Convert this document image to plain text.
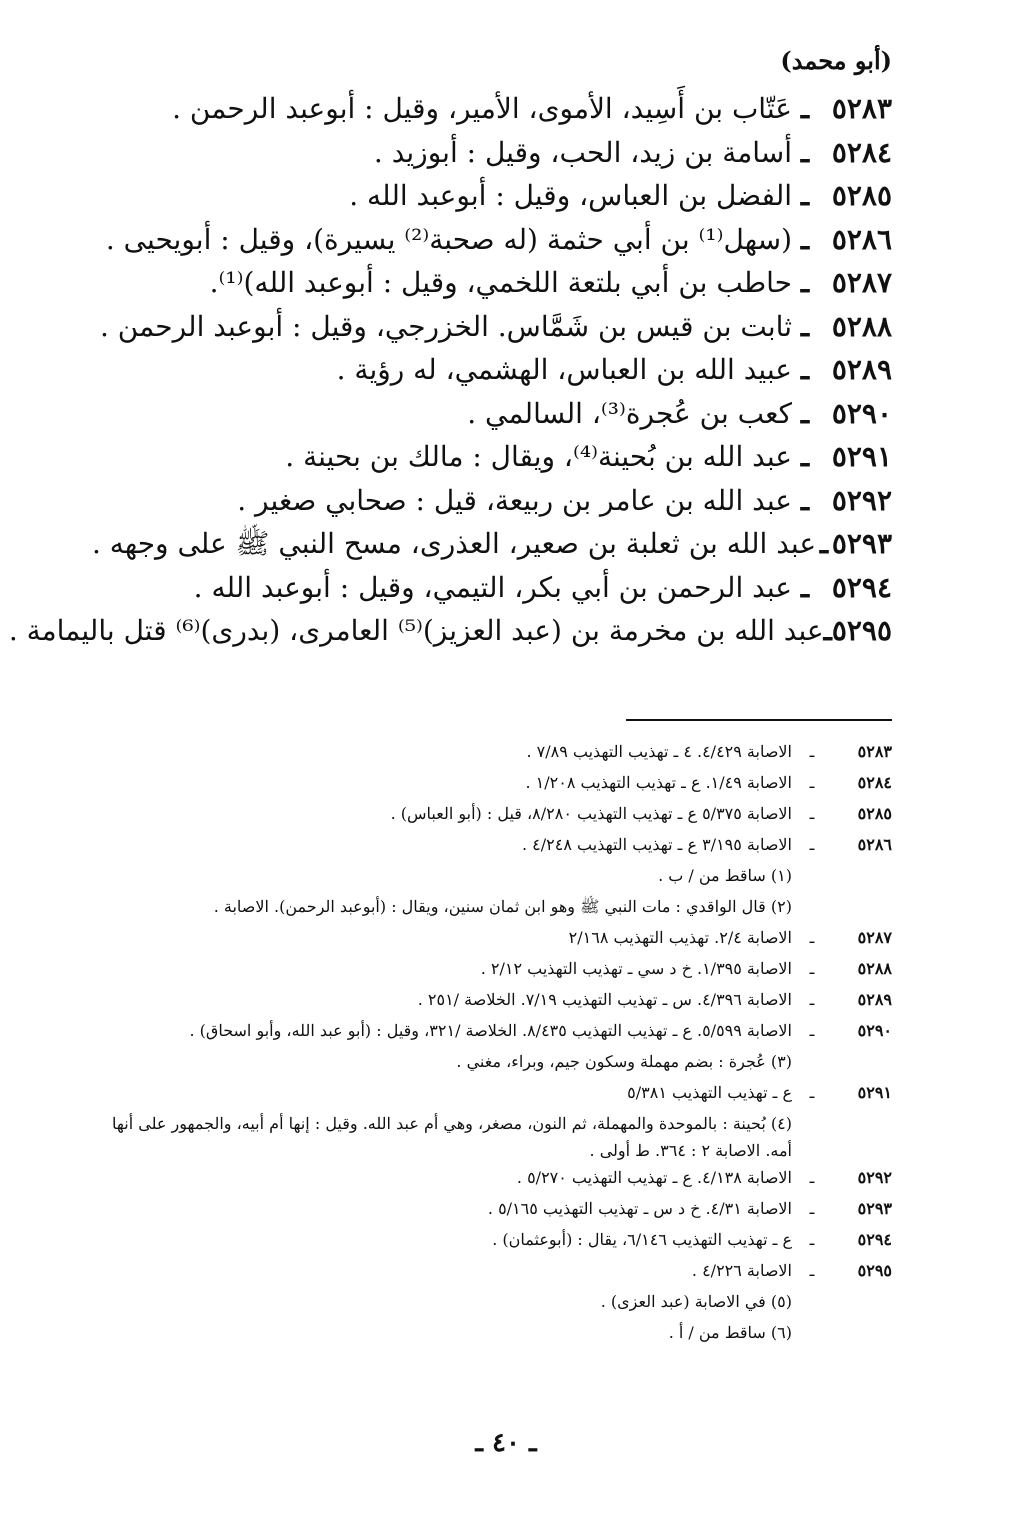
(أبو محمد)
٥٢٨٣
ـ
عَتّاب بن أَسِيد، الأموى، الأمير، وقيل : أبوعبد الرحمن .
٥٢٨٤
ـ
أسامة بن زيد، الحب، وقيل : أبوزيد .
٥٢٨٥
ـ
الفضل بن العباس، وقيل : أبوعبد الله .
٥٢٨٦
ـ
(سهل⁽¹⁾ بن أبي حثمة (له صحبة⁽²⁾ يسيرة)، وقيل : أبويحيى .
٥٢٨٧
ـ
حاطب بن أبي بلتعة اللخمي، وقيل : أبوعبد الله)⁽¹⁾.
٥٢٨٨
ـ
ثابت بن قيس بن شَمَّاس. الخزرجي، وقيل : أبوعبد الرحمن .
٥٢٨٩
ـ
عبيد الله بن العباس، الهشمي، له رؤية .
٥٢٩٠
ـ
كعب بن عُجرة⁽³⁾، السالمي .
٥٢٩١
ـ
عبد الله بن بُحينة⁽⁴⁾، ويقال : مالك بن بحينة .
٥٢٩٢
ـ
عبد الله بن عامر بن ربيعة، قيل : صحابي صغير .
٥٢٩٣
ـ
عبد الله بن ثعلبة بن صعير، العذرى، مسح النبي ﷺ على وجهه .
٥٢٩٤
ـ
عبد الرحمن بن أبي بكر، التيمي، وقيل : أبوعبد الله .
٥٢٩٥
ـ
عبد الله بن مخرمة بن (عبد العزيز)⁽⁵⁾ العامرى، (بدرى)⁽⁶⁾ قتل باليمامة .
٥٢٨٣
ـ
الاصابة ٤/٤٢٩. ٤ ـ تهذيب التهذيب ٧/٨٩ .
٥٢٨٤
ـ
الاصابة ١/٤٩. ع ـ تهذيب التهذيب ١/٢٠٨ .
٥٢٨٥
ـ
الاصابة ٥/٣٧٥ ع ـ تهذيب التهذيب ٨/٢٨٠، قيل : (أبو العباس) .
٥٢٨٦
ـ
الاصابة ٣/١٩٥ ع ـ تهذيب التهذيب ٤/٢٤٨ .
(١) ساقط من / ب .
(٢) قال الواقدي : مات النبي ﷺ وهو ابن ثمان سنين، ويقال : (أبوعبد الرحمن). الاصابة .
٥٢٨٧
ـ
الاصابة ٢/٤. تهذيب التهذيب ٢/١٦٨
٥٢٨٨
ـ
الاصابة ١/٣٩٥. خ د سي ـ تهذيب التهذيب ٢/١٢ .
٥٢٨٩
ـ
الاصابة ٤/٣٩٦. س ـ تهذيب التهذيب ٧/١٩. الخلاصة /٢٥١ .
٥٢٩٠
ـ
الاصابة ٥/٥٩٩. ع ـ تهذيب التهذيب ٨/٤٣٥. الخلاصة /٣٢١، وقيل : (أبو عبد الله، وأبو اسحاق) .
(٣) عُجرة : بضم مهملة وسكون جيم، وبراء، مغني .
٥٢٩١
ـ
ع ـ تهذيب التهذيب ٥/٣٨١
(٤) بُحينة : بالموحدة والمهملة، ثم النون، مصغر، وهي أم عبد الله. وقيل : إنها أم أبيه، والجمهور على أنها أمه. الاصابة ٢ : ٣٦٤. ط أولى .
٥٢٩٢
ـ
الاصابة ٤/١٣٨. ع ـ تهذيب التهذيب ٥/٢٧٠ .
٥٢٩٣
ـ
الاصابة ٤/٣١. خ د س ـ تهذيب التهذيب ٥/١٦٥ .
٥٢٩٤
ـ
ع ـ تهذيب التهذيب ٦/١٤٦، يقال : (أبوعثمان) .
٥٢٩٥
ـ
الاصابة ٤/٢٢٦ .
(٥) في الاصابة (عبد العزى) .
(٦) ساقط من / أ .
ـ ٤٠ ـ
